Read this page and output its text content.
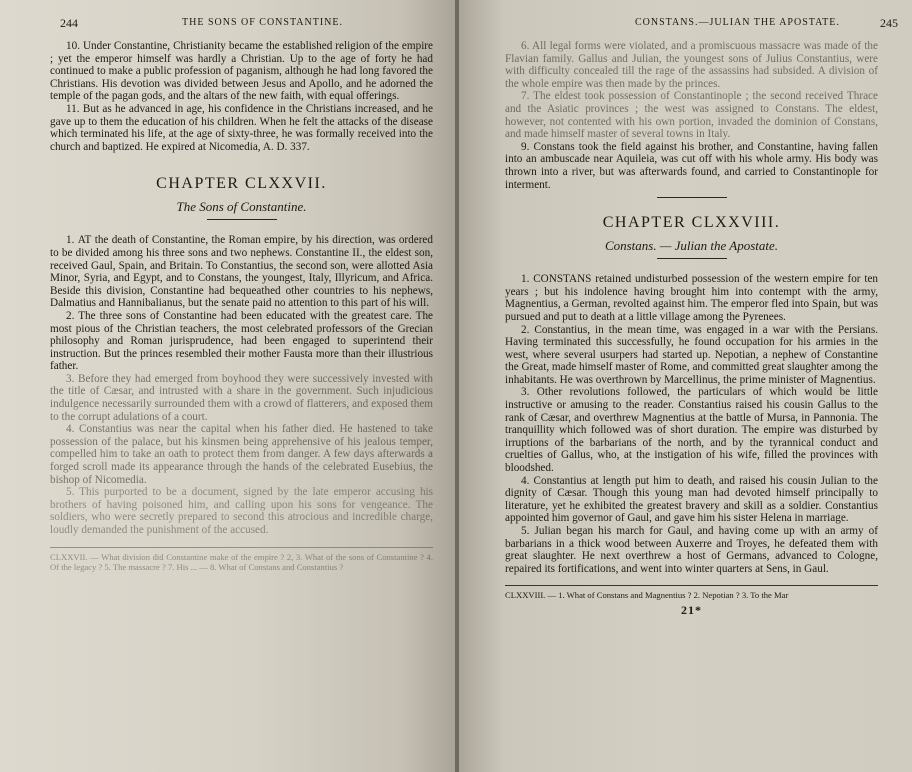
244	THE SONS OF CONSTANTINE.

10. Under Constantine, Christianity became the established religion of the empire ; yet the emperor himself was hardly a Christian. Up to the age of forty he had continued to make a public profession of paganism, although he had long favored the Christians. His devotion was divided between Jesus and Apollo, and he adorned the temple of the pagan gods, and the altars of the new faith, with equal offerings.

11. But as he advanced in age, his confidence in the Christians increased, and he gave up to them the education of his children. When he felt the attacks of the disease which terminated his life, at the age of sixty-three, he was formally received into the church and baptized. He expired at Nicomedia, A. D. 337.

CHAPTER CLXXVII.
The Sons of Constantine.

1. AT the death of Constantine, the Roman empire, by his direction, was ordered to be divided among his three sons and two nephews. Constantine II., the eldest son, received Gaul, Spain, and Britain. To Constantius, the second son, were allotted Asia Minor, Syria, and Egypt, and to Constans, the youngest, Italy, Illyricum, and Africa. Beside this division, Constantine had bequeathed other countries to his nephews, Dalmatius and Hannibalianus, but the senate paid no attention to this part of his will.

2. The three sons of Constantine had been educated with the greatest care. The most pious of the Christian teachers, the most celebrated professors of the Grecian philosophy and Roman jurisprudence, had been engaged to superintend their instruction. But the princes resembled their mother Fausta more than their illustrious father.

3. Before they had emerged from boyhood they were successively invested with the title of Cæsar, and intrusted with a share in the government. Such injudicious indulgence necessarily surrounded them with a crowd of flatterers, and exposed them to the corrupt adulations of a court.

4. Constantius was near the capital when his father died. He hastened to take possession of the palace, but his kinsmen being apprehensive of his jealous temper, compelled him to take an oath to protect them from danger. A few days afterwards a forged scroll made its appearance through the hands of the celebrated Eusebius, the bishop of Nicomedia.

5. This purported to be a document, signed by the late emperor accusing his brothers of having poisoned him, and calling upon his sons for vengeance. The soldiers, who were secretly prepared to second this atrocious and incredible charge, loudly demanded the punishment of the accused.

CLXXVII. — What division did Constantine make of the empire ? 2, 3. What of the sons of Constantine ? 4. Of the legacy ? 5. The massacre ? 7. His ... — 8. What of Constans and Constantius ?
CONSTANS.—JULIAN THE APOSTATE.	245

6. All legal forms were violated, and a promiscuous massacre was made of the Flavian family. Gallus and Julian, the youngest sons of Julius Constantius, were with difficulty concealed till the rage of the assassins had subsided. A division of the whole empire was then made by the princes.

7. The eldest took possession of Constantinople ; the second received Thrace and the Asiatic provinces ; the west was assigned to Constans. The eldest, however, not contented with his own portion, invaded the dominion of Constans, and made himself master of several towns in Italy.

9. Constans took the field against his brother, and Constantine, having fallen into an ambuscade near Aquileia, was cut off with his whole army. His body was thrown into a river, but was afterwards found, and carried to Constantinople for interment.

CHAPTER CLXXVIII.
Constans. — Julian the Apostate.

1. CONSTANS retained undisturbed possession of the western empire for ten years ; but his indolence having brought him into contempt with the army, Magnentius, a German, revolted against him. The emperor fled into Spain, but was pursued and put to death at a little village among the Pyrenees.

2. Constantius, in the mean time, was engaged in a war with the Persians. Having terminated this successfully, he found occupation for his armies in the west, where several usurpers had started up. Nepotian, a nephew of Constantine the Great, made himself master of Rome, and committed great slaughter among the inhabitants. He was overthrown by Marcellinus, the prime minister of Magnentius.

3. Other revolutions followed, the particulars of which would be little instructive or amusing to the reader. Constantius raised his cousin Gallus to the rank of Cæsar, and overthrew Magnentius at the battle of Mursa, in Pannonia. The tranquillity which followed was of short duration. The empire was disturbed by irruptions of the barbarians of the north, and by the tyrannical conduct and cruelties of Gallus, who, at the instigation of his wife, filled the provinces with bloodshed.

4. Constantius at length put him to death, and raised his cousin Julian to the dignity of Cæsar. Though this young man had devoted himself principally to literature, yet he exhibited the greatest bravery and skill as a soldier. Constantius appointed him governor of Gaul, and gave him his sister Helena in marriage.

5. Julian began his march for Gaul, and having come up with an army of barbarians in a thick wood between Auxerre and Troyes, he defeated them with great slaughter. He next overthrew a host of Germans, advanced to Cologne, repaired its fortifications, and went into winter quarters at Sens, in Gaul.

CLXXVIII. — 1. What of Constans and Magnentius ? 2. Nepotian ? 3. To the Mar
21*
